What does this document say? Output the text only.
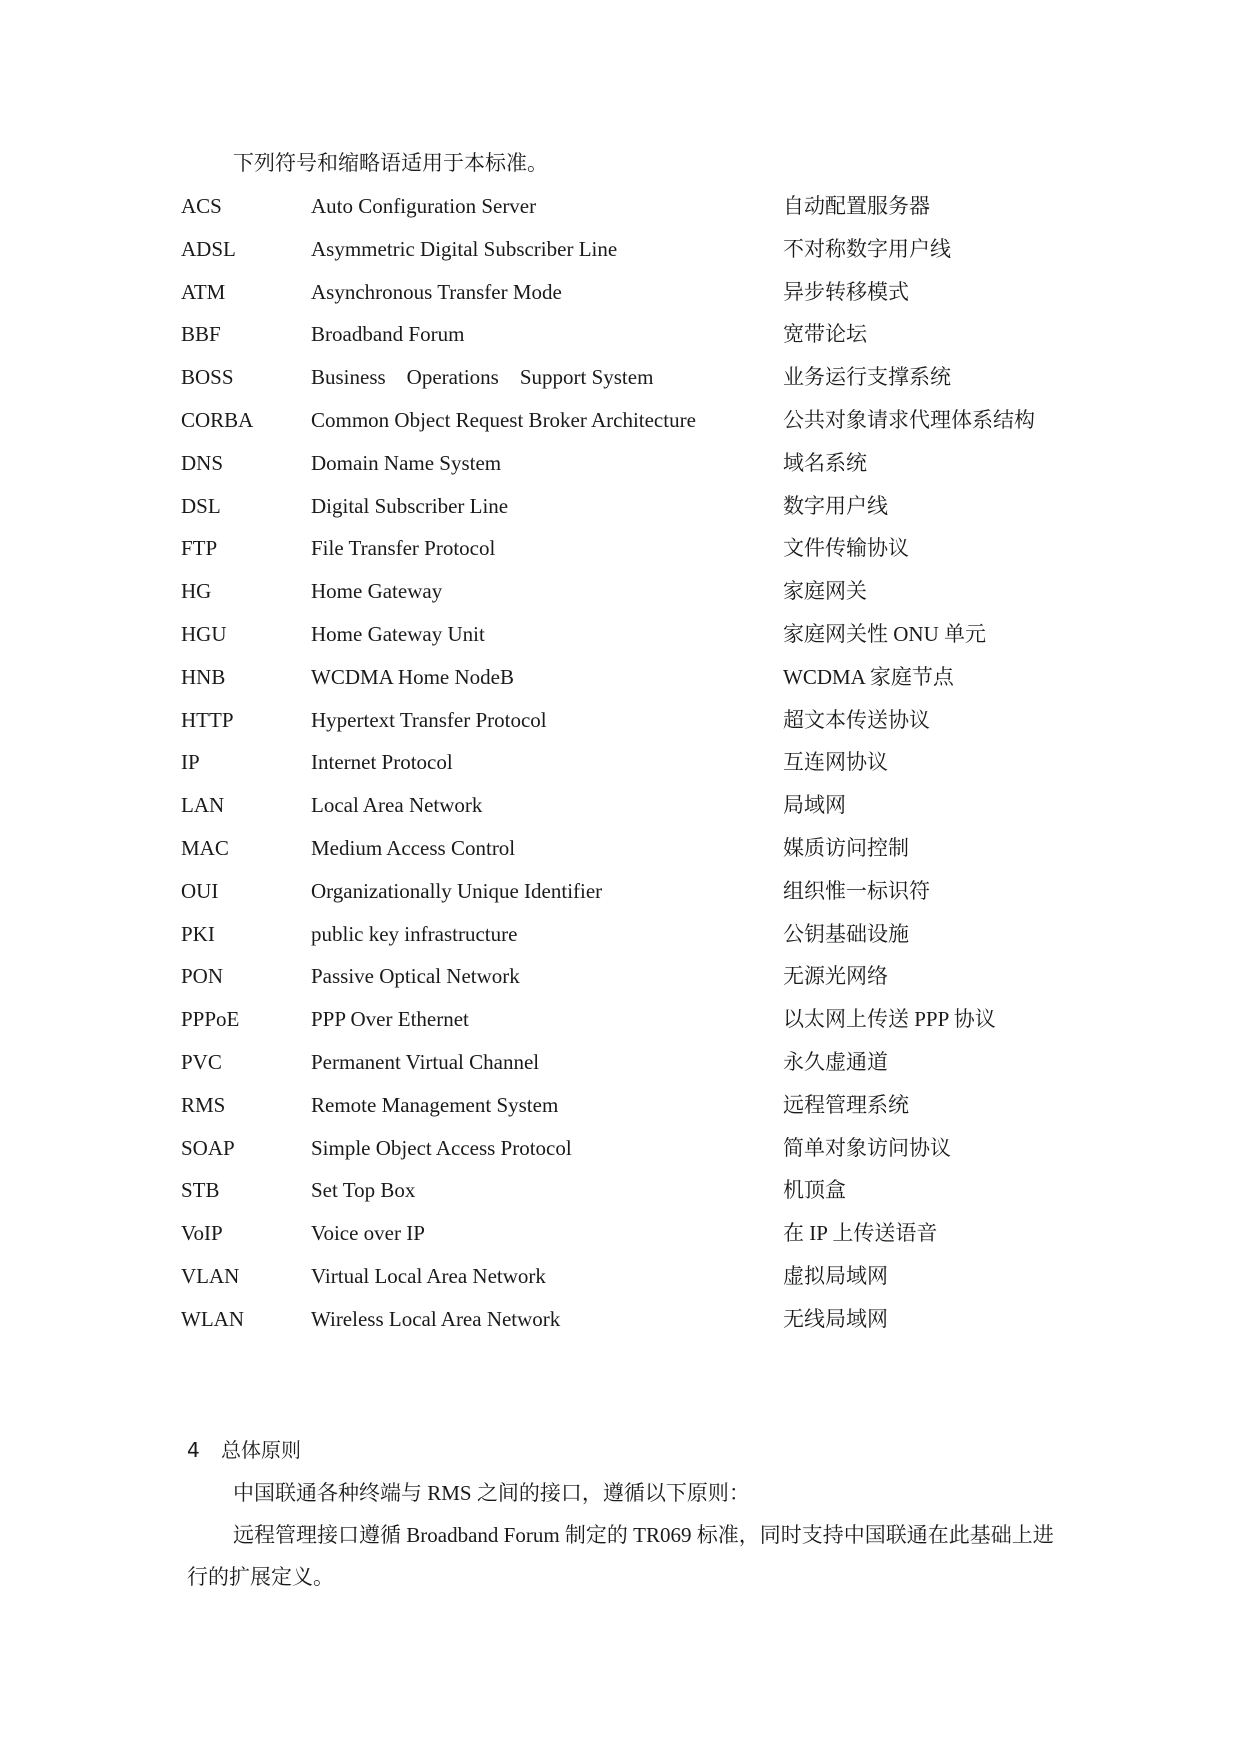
下列符号和缩略语适用于本标准。

ACS	Auto Configuration Server	自动配置服务器
ADSL	Asymmetric Digital Subscriber Line	不对称数字用户线
ATM	Asynchronous Transfer Mode	异步转移模式
BBF	Broadband Forum	宽带论坛
BOSS	Business　Operations　Support System	业务运行支撑系统
CORBA	Common Object Request Broker Architecture	公共对象请求代理体系结构
DNS	Domain Name System	域名系统
DSL	Digital Subscriber Line	数字用户线
FTP	File Transfer Protocol	文件传输协议
HG	Home Gateway	家庭网关
HGU	Home Gateway Unit	家庭网关性 ONU 单元
HNB	WCDMA Home NodeB	WCDMA 家庭节点
HTTP	Hypertext Transfer Protocol	超文本传送协议
IP	Internet Protocol	互连网协议
LAN	Local Area Network	局域网
MAC	Medium Access Control	媒质访问控制
OUI	Organizationally Unique Identifier	组织惟一标识符
PKI	public key infrastructure	公钥基础设施
PON	Passive Optical Network	无源光网络
PPPoE	PPP Over Ethernet	以太网上传送 PPP 协议
PVC	Permanent Virtual Channel	永久虚通道
RMS	Remote Management System	远程管理系统
SOAP	Simple Object Access Protocol	简单对象访问协议
STB	Set Top Box	机顶盒
VoIP	Voice over IP	在 IP 上传送语音
VLAN	Virtual Local Area Network	虚拟局域网
WLAN	Wireless Local Area Network	无线局域网
4 总体原则

中国联通各种终端与 RMS 之间的接口，遵循以下原则：

远程管理接口遵循 Broadband Forum 制定的 TR069 标准，同时支持中国联通在此基础上进行的扩展定义。
